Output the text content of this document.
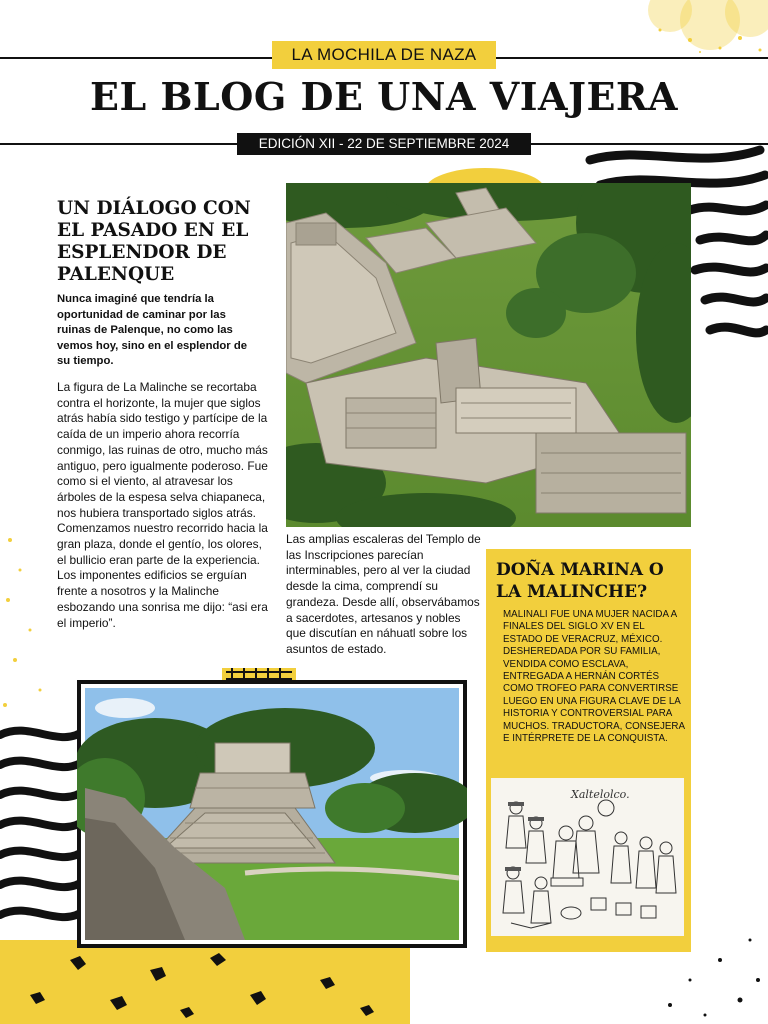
LA MOCHILA DE NAZA
EL BLOG DE UNA VIAJERA
EDICIÓN XII - 22 DE SEPTIEMBRE 2024
UN DIÁLOGO CON EL PASADO EN EL ESPLENDOR DE PALENQUE

Nunca imaginé que tendría la oportunidad de caminar por las ruinas de Palenque, no como las vemos hoy, sino en el esplendor de su tiempo.

La figura de La Malinche se recortaba contra el horizonte, la mujer que siglos atrás había sido testigo y partícipe de la caída de un imperio ahora recorría conmigo, las ruinas de otro, mucho más antiguo, pero igualmente poderoso. Fue como si el viento, al atravesar los árboles de la espesa selva chiapaneca, nos hubiera transportado siglos atrás. Comenzamos nuestro recorrido hacia la gran plaza, donde el gentío, los olores, el bullicio eran parte de la experiencia. Los imponentes edificios se erguían frente a nosotros y la Malinche esbozando una sonrisa me dijo: “asi era el imperio”.

Las amplias escaleras del Templo de las Inscripciones parecían interminables, pero al ver la ciudad desde la cima, comprendí su grandeza. Desde allí, observábamos a sacerdotes, artesanos y nobles que discutían en náhuatl sobre los asuntos de estado.

DOÑA MARINA O LA MALINCHE?

MALINALI FUE UNA MUJER NACIDA A FINALES DEL SIGLO XV EN EL ESTADO DE VERACRUZ, MÉXICO. DESHEREDADA POR SU FAMILIA, VENDIDA COMO ESCLAVA, ENTREGADA A HERNÁN CORTÉS COMO TROFEO PARA CONVERTIRSE LUEGO EN UNA FIGURA CLAVE DE LA HISTORIA Y CONTROVERSIAL PARA MUCHOS. TRADUCTORA, CONSEJERA E INTÉRPRETE DE LA CONQUISTA.

Xaltelolco.
